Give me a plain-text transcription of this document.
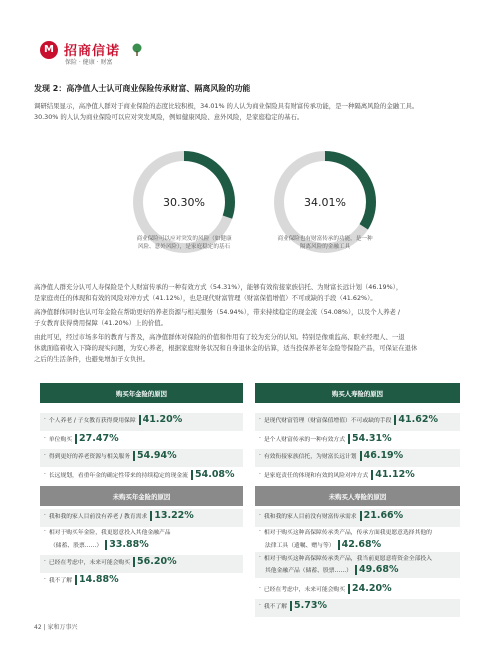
M 招商信诺
保险 · 健康 · 财富
发现 2：高净值人士认可商业保险传承财富、隔离风险的功能
调研结果显示，高净值人群对于商业保险的态度比较积极，34.01% 的人认为商业保险具有财富传承功能，是一种隔离风险的金融工具。
30.30% 的人认为商业保险可以应对突发风险，例如健康风险、意外风险，是家庭稳定的基石。
30.30%
商业保险可以应对突发的风险（如健康
风险、意外风险），是家庭稳定的基石
34.01%
商业保险也有财富传承的功能，是一种
隔离风险的金融工具
高净值人群充分认可人寿保险是个人财富传承的一种有效方式（54.31%），能够有效衔接家族信托、为财富长远计划（46.19%），
是家庭责任的体现和有效的风险对冲方式（41.12%），也是现代财富管理（财富保值增值）不可或缺的手段（41.62%）。
高净值群体同时也认可年金险在帮助更好的养老资源与相关服务（54.94%），带来持续稳定的现金流（54.08%），以及个人养老 /
子女教育获得费用保障（41.20%）上的价值。
由此可见，经过市场多年的教育与普及，高净值群体对保险的价值和作用有了较为充分的认知。特别是像重监高、职业经理人、一退
休就面临着收入下降的现实问题，为安心养老，根据家庭财务状况和自身退休金的估算，适当投保养老年金险等保险产品，可保证在退休
之后的生活条件，也避免增加子女负担。
购买年金险的原因	购买人寿险的原因
· 个人养老 / 子女教育获得费用保障 41.20%
· 单位购买 27.47%
· 得到更好的养老资源与相关服务 54.94%
· 长远规划，看重年金的确定性带来的持续稳定的现金流 54.08%
· 是现代财富管理（财富保值增值）不可或缺的手段 41.62%
· 是个人财富传承的一种有效方式 54.31%
· 有效衔接家族信托，为财富长远计划 46.19%
· 是家庭责任的体现和有效的风险对冲方式 41.12%
未购买年金险的原因	未购买人寿险的原因
· 我和我的家人目前没有养老 / 教育需求 13.22%
· 相对于购买年金险，我更愿意投入其他金融产品
（储蓄、股票……） 33.88%
· 已经在考虑中，未来可能会购买 56.20%
· 我不了解 14.88%
· 我和我的家人目前没有财富传承需求 21.66%
· 相对于购买这种高保障传承类产品，传承方面我更愿意选择其他的
法律工具（遗嘱、赠与等） 42.68%
· 相对于购买这种高保障传承类产品，我当前更愿意将资金全部投入
其他金融产品（储蓄、股票……） 49.68%
· 已经在考虑中，未来可能会购买 24.20%
· 我不了解 5.73%
42 | 家和万事兴
